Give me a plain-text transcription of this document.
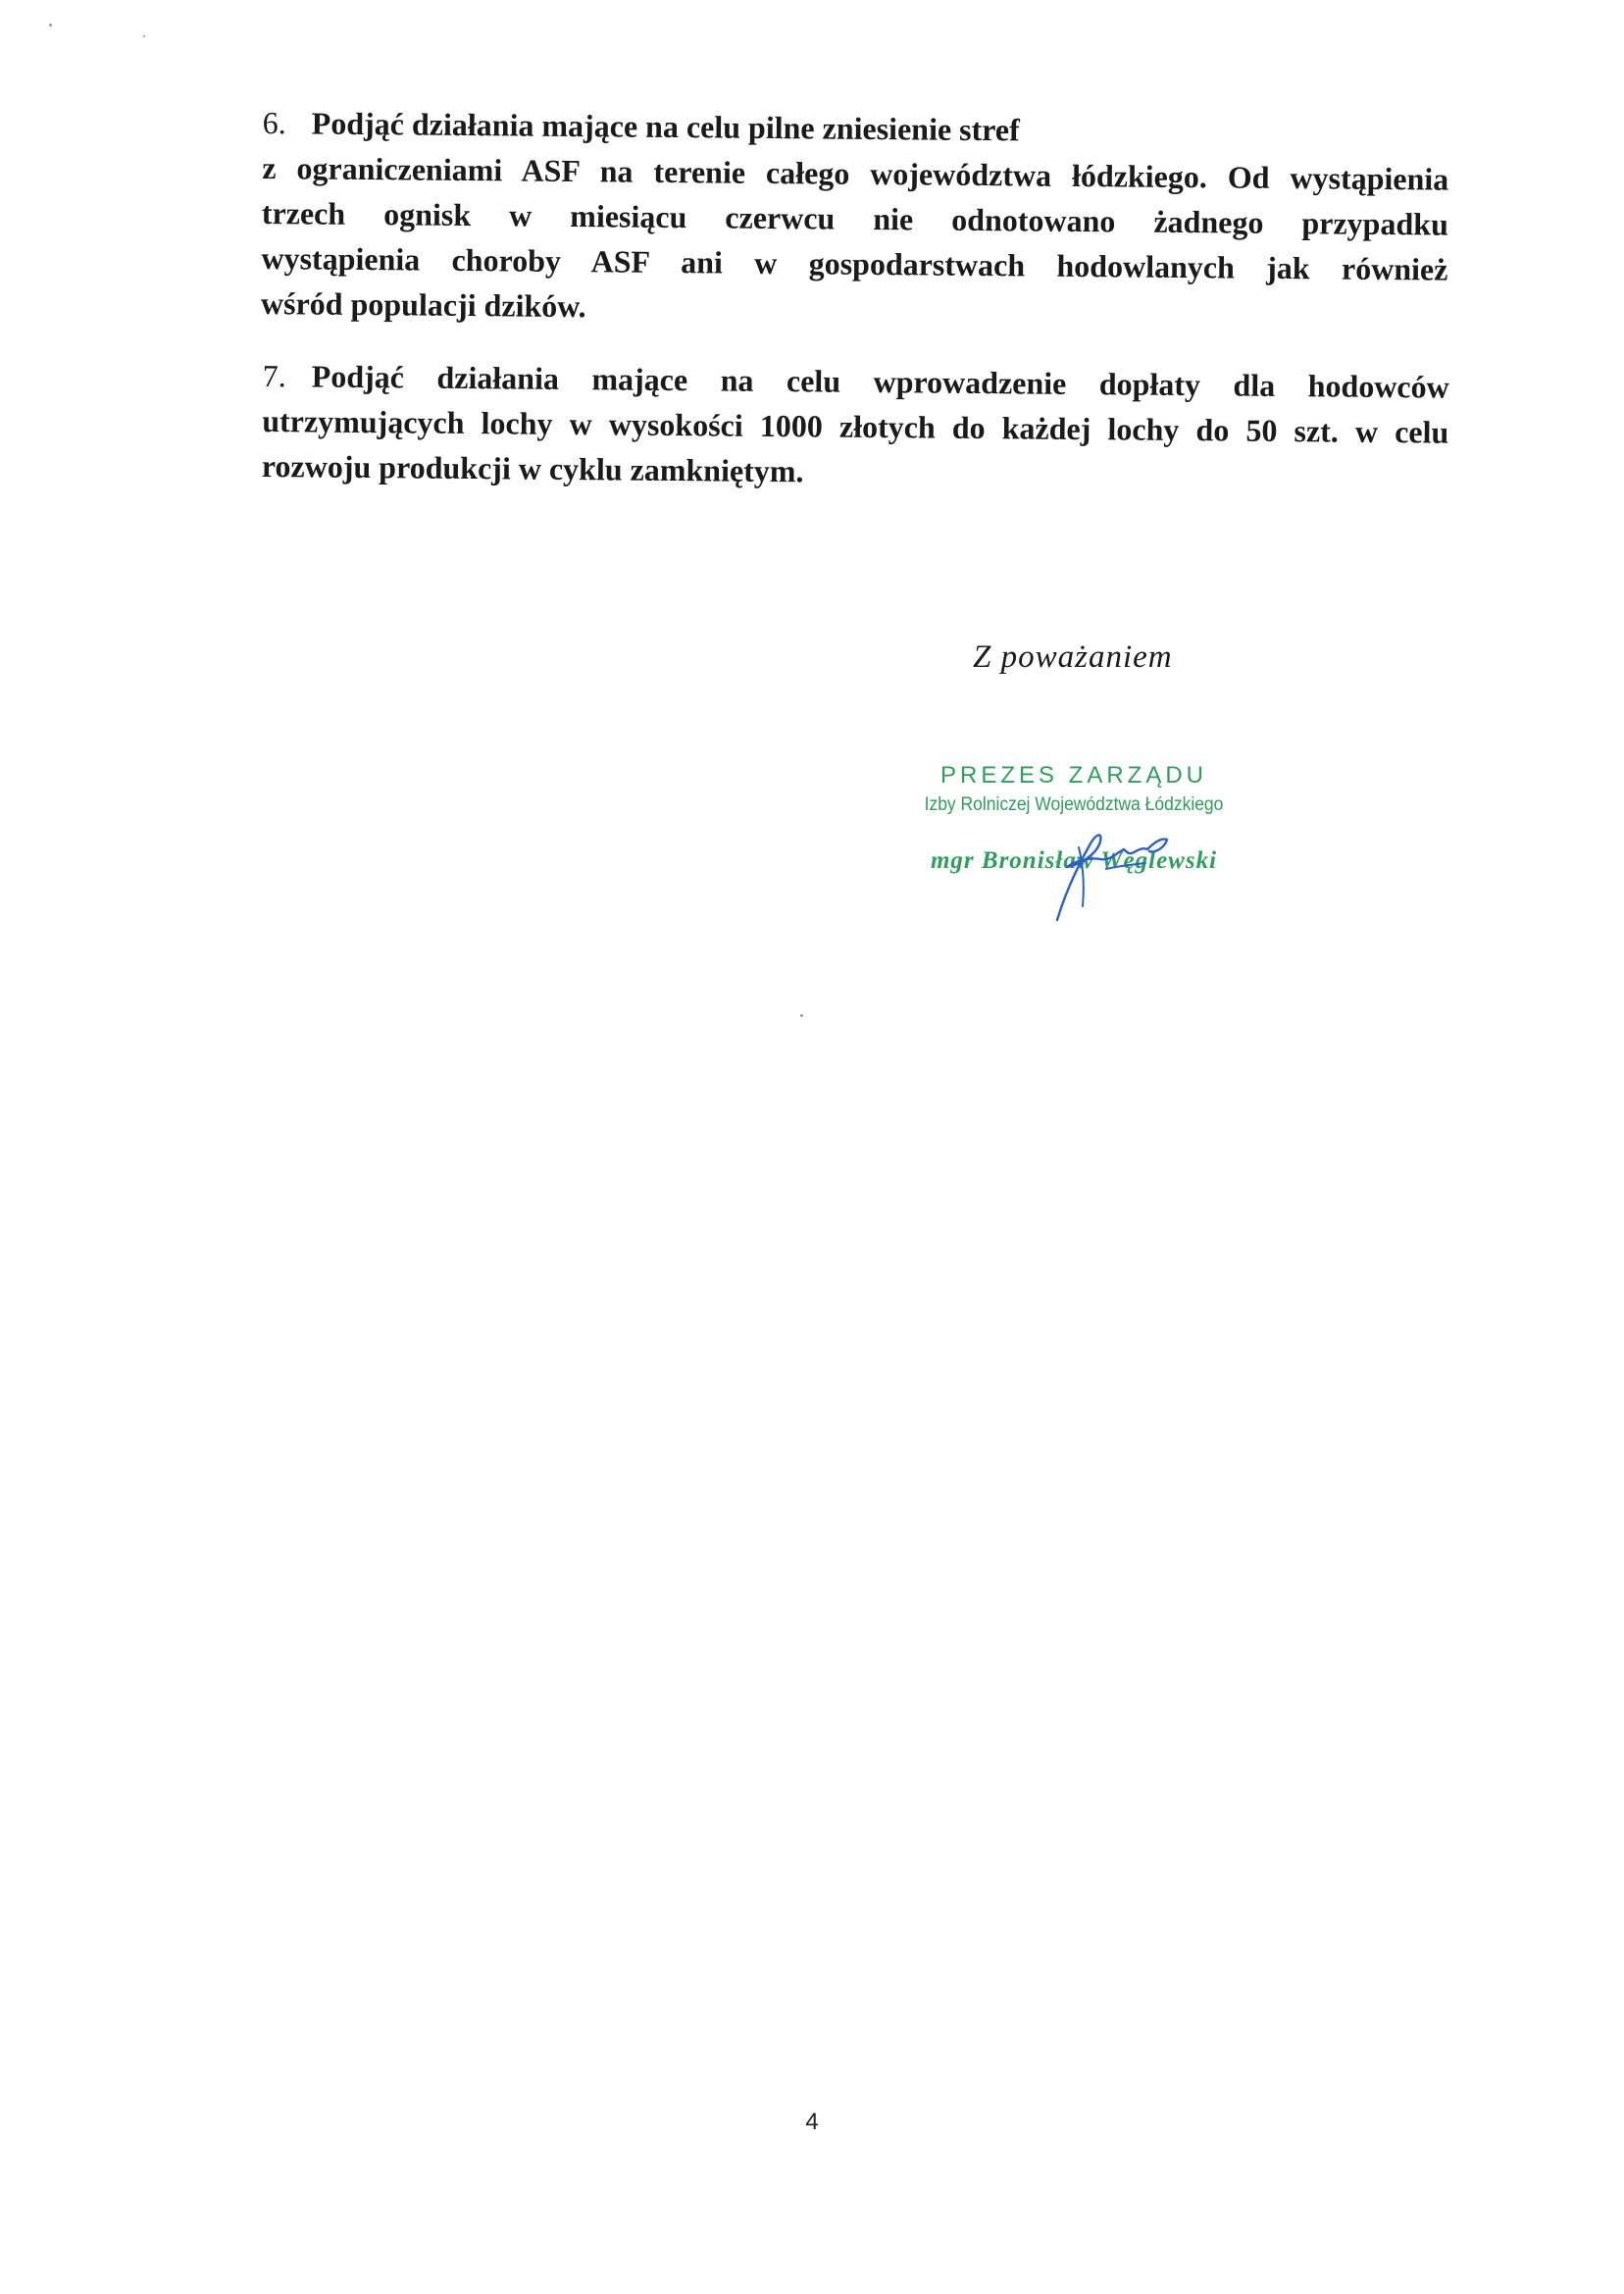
6. Podjąć działania mające na celu pilne zniesienie stref
z ograniczeniami ASF na terenie całego województwa łódzkiego. Od wystąpienia
trzech ognisk w miesiącu czerwcu nie odnotowano żadnego przypadku
wystąpienia choroby ASF ani w gospodarstwach hodowlanych jak również
wśród populacji dzików.
7. Podjąć działania mające na celu wprowadzenie dopłaty dla hodowców
utrzymujących lochy w wysokości 1000 złotych do każdej lochy do 50 szt. w celu
rozwoju produkcji w cyklu zamkniętym.
Z poważaniem
PREZES ZARZĄDU
Izby Rolniczej Województwa Łódzkiego
mgr Bronisław Węglewski
4
